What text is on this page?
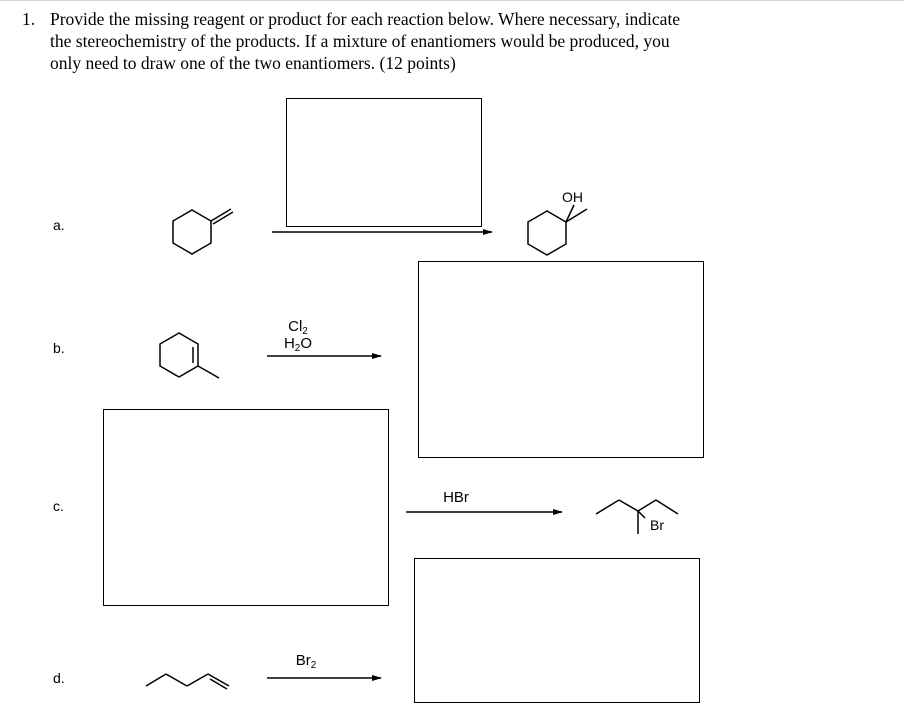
1. Provide the missing reagent or product for each reaction below. Where necessary, indicate
the stereochemistry of the products. If a mixture of enantiomers would be produced, you
only need to draw one of the two enantiomers. (12 points)
a.
b.
c.
d.
$Cl_2$
$H_2O$
HBr
$Br_2$
OH
Br
